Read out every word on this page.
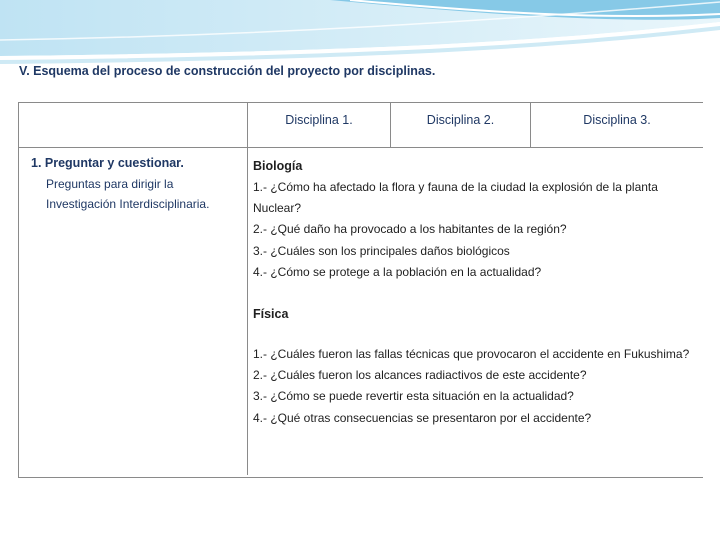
V. Esquema del proceso de construcción del proyecto por disciplinas.
Disciplina 1.	Disciplina 2.	Disciplina 3.

1. Preguntar y cuestionar.

Preguntas para dirigir la Investigación Interdisciplinaria.

Biología

1.- ¿Cómo ha afectado la flora y fauna de la ciudad la explosión de la planta

Nuclear?

2.- ¿Qué daño ha provocado a los habitantes de la región?

3.- ¿Cuáles son los principales daños biológicos

4.- ¿Cómo se protege a la población en la actualidad?

Física

1.- ¿Cuáles fueron las fallas técnicas que provocaron el accidente en Fukushima?

2.- ¿Cuáles fueron los alcances radiactivos de este accidente?

3.- ¿Cómo se puede revertir esta situación en la actualidad?

4.- ¿Qué otras consecuencias se presentaron por el accidente?
